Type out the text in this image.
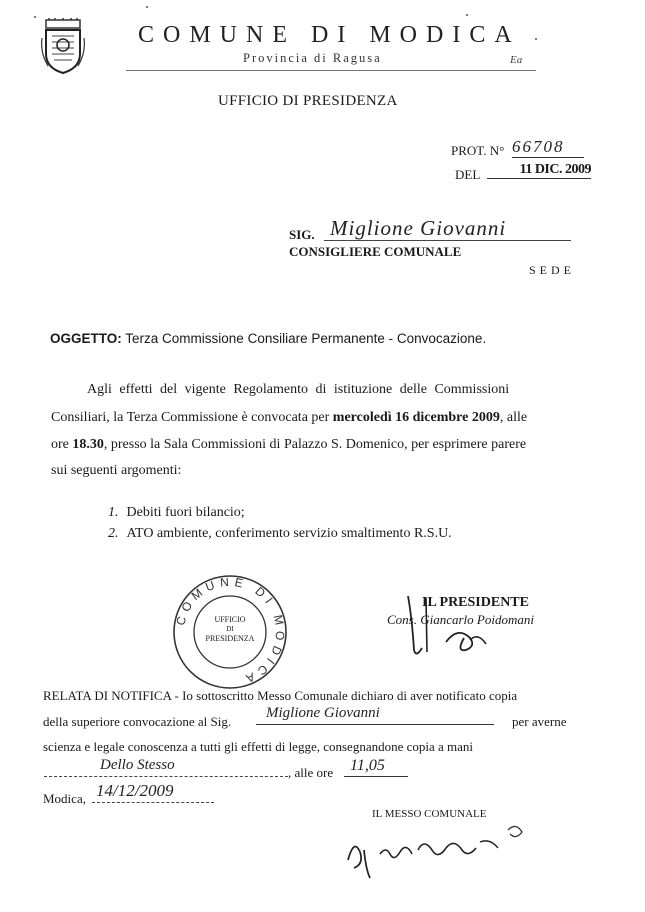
COMUNE DI MODICA
Provincia di Ragusa	Ea
UFFICIO DI PRESIDENZA
PROT. N° 66708
DEL	11 DIC. 2009
SIG. Miglione Giovanni
CONSIGLIERE COMUNALE
SEDE
OGGETTO: Terza Commissione Consiliare Permanente - Convocazione.
Agli effetti del vigente Regolamento di istituzione delle Commissioni
Consiliari, la Terza Commissione è convocata per mercoledì 16 dicembre 2009, alle
ore 18.30, presso la Sala Commissioni di Palazzo S. Domenico, per esprimere parere
sui seguenti argomenti:
1. Debiti fuori bilancio;
2. ATO ambiente, conferimento servizio smaltimento R.S.U.
COMUNE DI MODICA
UFFICIO
DI
PRESIDENZA
IL PRESIDENTE
Cons. Giancarlo Poidomani
RELATA DI NOTIFICA - Io sottoscritto Messo Comunale dichiaro di aver notificato copia
della superiore convocazione al Sig.
Miglione Giovanni
per averne
scienza e legale conoscenza a tutti gli effetti di legge, consegnandone copia a mani
Dello Stesso	, alle ore	11,05
Modica, 14/12/2009
IL MESSO COMUNALE
